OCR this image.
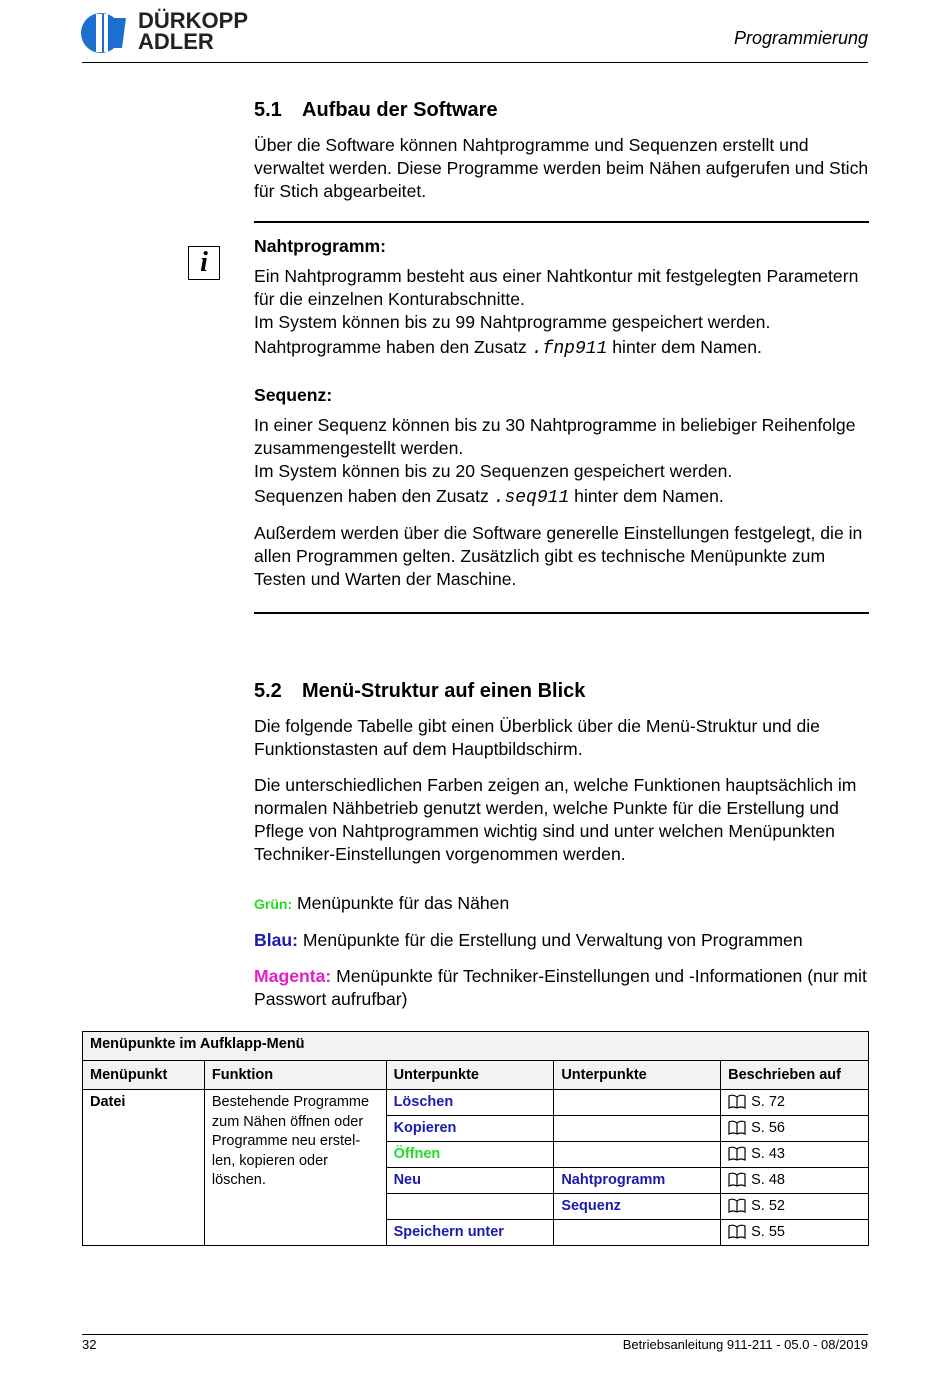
DÜRKOPP
ADLER	Programmierung
5.1 Aufbau der Software

Über die Software können Nahtprogramme und Sequenzen erstellt und verwaltet werden. Diese Programme werden beim Nähen aufgerufen und Stich für Stich abgearbeitet.

i

Nahtprogramm:

Ein Nahtprogramm besteht aus einer Nahtkontur mit festgelegten Parametern für die einzelnen Konturabschnitte.

Im System können bis zu 99 Nahtprogramme gespeichert werden.

Nahtprogramme haben den Zusatz .fnp911 hinter dem Namen.

Sequenz:

In einer Sequenz können bis zu 30 Nahtprogramme in beliebiger Reihenfolge zusammengestellt werden.

Im System können bis zu 20 Sequenzen gespeichert werden.

Sequenzen haben den Zusatz .seq911 hinter dem Namen.

Außerdem werden über die Software generelle Einstellungen festgelegt, die in allen Programmen gelten. Zusätzlich gibt es technische Menüpunkte zum Testen und Warten der Maschine.

5.2 Menü-Struktur auf einen Blick

Die folgende Tabelle gibt einen Überblick über die Menü-Struktur und die Funktionstasten auf dem Hauptbildschirm.

Die unterschiedlichen Farben zeigen an, welche Funktionen hauptsächlich im normalen Nähbetrieb genutzt werden, welche Punkte für die Erstellung und Pflege von Nahtprogrammen wichtig sind und unter welchen Menüpunkten Techniker-Einstellungen vorgenommen werden.

Grün: Menüpunkte für das Nähen
Blau: Menüpunkte für die Erstellung und Verwaltung von Programmen
Magenta: Menüpunkte für Techniker-Einstellungen und -Informationen (nur mit Passwort aufrufbar)
Menüpunkte im Aufklapp-Menü				
Menüpunkt	Funktion	Unterpunkte	Unterpunkte	Beschrieben auf
Datei	Bestehende Programme zum Nähen öffnen oder Programme neu erstellen, kopieren oder löschen.	Löschen		S. 72
		Kopieren		S. 56
		Öffnen		S. 43
		Neu	Nahtprogramm	S. 48
			Sequenz	S. 52
		Speichern unter		S. 55
32	Betriebsanleitung 911-211 - 05.0 - 08/2019
